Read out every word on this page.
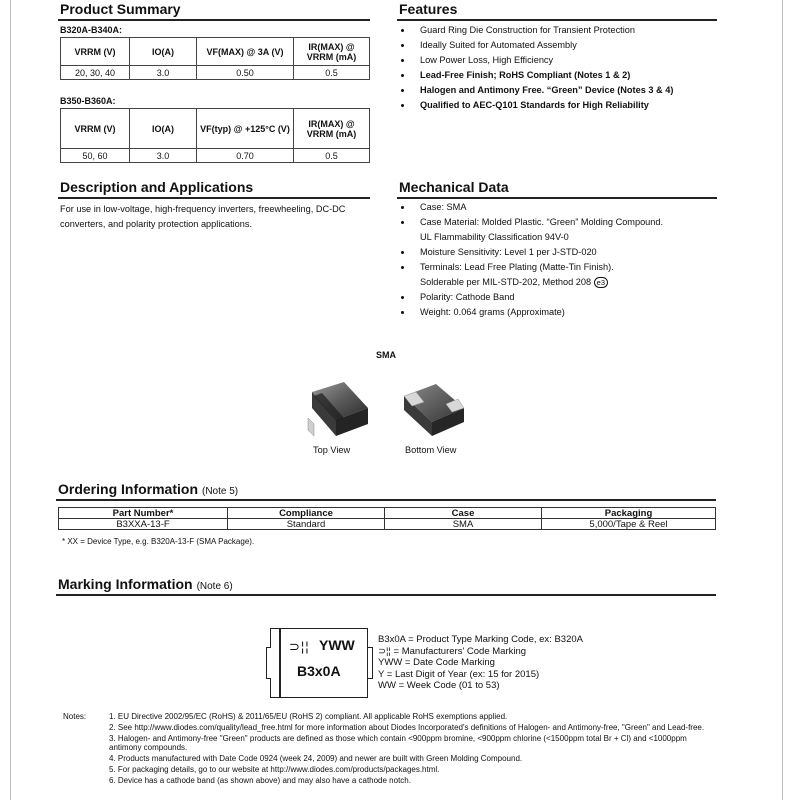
Product Summary
B320A-B340A:
VRRM (V)	IO(A)	VF(MAX) @ 3A (V)	IR(MAX) @ VRRM (mA)
20, 30, 40	3.0	0.50	0.5
B350-B360A:
VRRM (V)	IO(A)	VF(typ) @ +125°C (V)	IR(MAX) @ VRRM (mA)
50, 60	3.0	0.70	0.5
Features
Guard Ring Die Construction for Transient Protection
Ideally Suited for Automated Assembly
Low Power Loss, High Efficiency
Lead-Free Finish; RoHS Compliant (Notes 1 & 2)
Halogen and Antimony Free. “Green” Device (Notes 3 & 4)
Qualified to AEC-Q101 Standards for High Reliability
Description and Applications
For use in low-voltage, high-frequency inverters, freewheeling, DC-DC converters, and polarity protection applications.
Mechanical Data
Case: SMA
Case Material: Molded Plastic. “Green” Molding Compound.
UL Flammability Classification 94V-0
Moisture Sensitivity: Level 1 per J-STD-020
Terminals: Lead Free Plating (Matte-Tin Finish).
Solderable per MIL-STD-202, Method 208 e3
Polarity: Cathode Band
Weight: 0.064 grams (Approximate)
SMA
Top View	Bottom View
Ordering Information (Note 5)
Part Number*	Compliance	Case	Packaging
B3XXA-13-F	Standard	SMA	5,000/Tape & Reel
* XX = Device Type, e.g. B320A-13-F (SMA Package).
Marking Information (Note 6)
⊃¦¦ YWW
B3x0A
B3x0A = Product Type Marking Code, ex: B320A
⊃¦¦ = Manufacturers' Code Marking
YWW = Date Code Marking
Y = Last Digit of Year (ex: 15 for 2015)
WW = Week Code (01 to 53)
Notes:	1. EU Directive 2002/95/EC (RoHS) & 2011/65/EU (RoHS 2) compliant. All applicable RoHS exemptions applied.
2. See http://www.diodes.com/quality/lead_free.html for more information about Diodes Incorporated's definitions of Halogen- and Antimony-free, "Green" and Lead-free.
3. Halogen- and Antimony-free "Green" products are defined as those which contain <900ppm bromine, <900ppm chlorine (<1500ppm total Br + Cl) and <1000ppm antimony compounds.
4. Products manufactured with Date Code 0924 (week 24, 2009) and newer are built with Green Molding Compound.
5. For packaging details, go to our website at http://www.diodes.com/products/packages.html.
6. Device has a cathode band (as shown above) and may also have a cathode notch.
